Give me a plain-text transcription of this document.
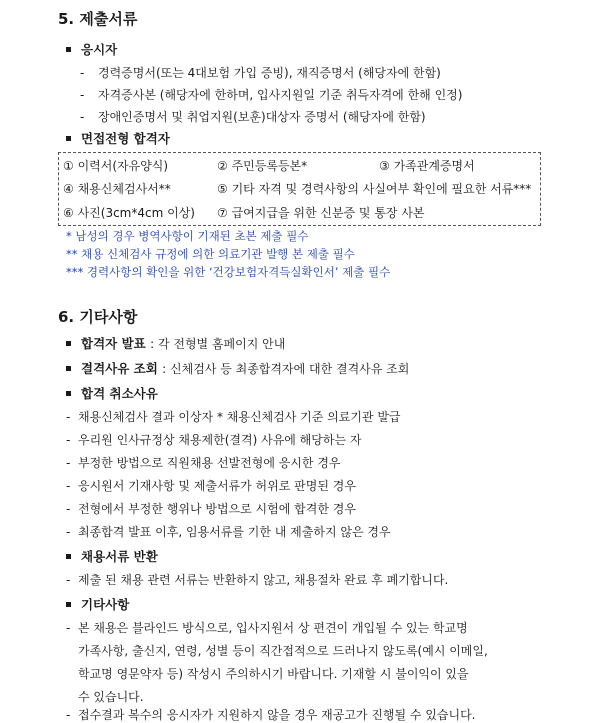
5. 제출서류
응시자
- 경력증명서(또는 4대보험 가입 증빙), 재직증명서 (해당자에 한함)
- 자격증사본 (해당자에 한하며, 입사지원일 기준 취득자격에 한해 인정)
- 장애인증명서 및 취업지원(보훈)대상자 증명서 (해당자에 한함)
면접전형 합격자
① 이력서(자유양식)	② 주민등록등본*	③ 가족관계증명서
④ 채용신체검사서**	⑤ 기타 자격 및 경력사항의 사실여부 확인에 필요한 서류***
⑥ 사진(3cm*4cm 이상) ⑦ 급여지급을 위한 신분증 및 통장 사본
* 남성의 경우 병역사항이 기재된 초본 제출 필수
** 채용 신체검사 규정에 의한 의료기관 발행 본 제출 필수
*** 경력사항의 확인을 위한 ‘건강보험자격득실확인서’ 제출 필수
6. 기타사항
합격자 발표 : 각 전형별 홈페이지 안내
결격사유 조회 : 신체검사 등 최종합격자에 대한 결격사유 조회
합격 취소사유
- 채용신체검사 결과 이상자 * 채용신체검사 기준 의료기관 발급
- 우리원 인사규정상 채용제한(결격) 사유에 해당하는 자
- 부정한 방법으로 직원채용 선발전형에 응시한 경우
- 응시원서 기재사항 및 제출서류가 허위로 판명된 경우
- 전형에서 부정한 행위나 방법으로 시험에 합격한 경우
- 최종합격 발표 이후, 임용서류를 기한 내 제출하지 않은 경우
채용서류 반환
- 제출 된 채용 관련 서류는 반환하지 않고, 채용절차 완료 후 폐기합니다.
기타사항
- 본 채용은 블라인드 방식으로, 입사지원서 상 편견이 개입될 수 있는 학교명
가족사항, 출신지, 연령, 성별 등이 직간접적으로 드러나지 않도록(예시 이메일,
학교명 영문약자 등) 작성시 주의하시기 바랍니다. 기재할 시 불이익이 있을
수 있습니다.
- 접수결과 복수의 응시자가 지원하지 않을 경우 재공고가 진행될 수 있습니다.
